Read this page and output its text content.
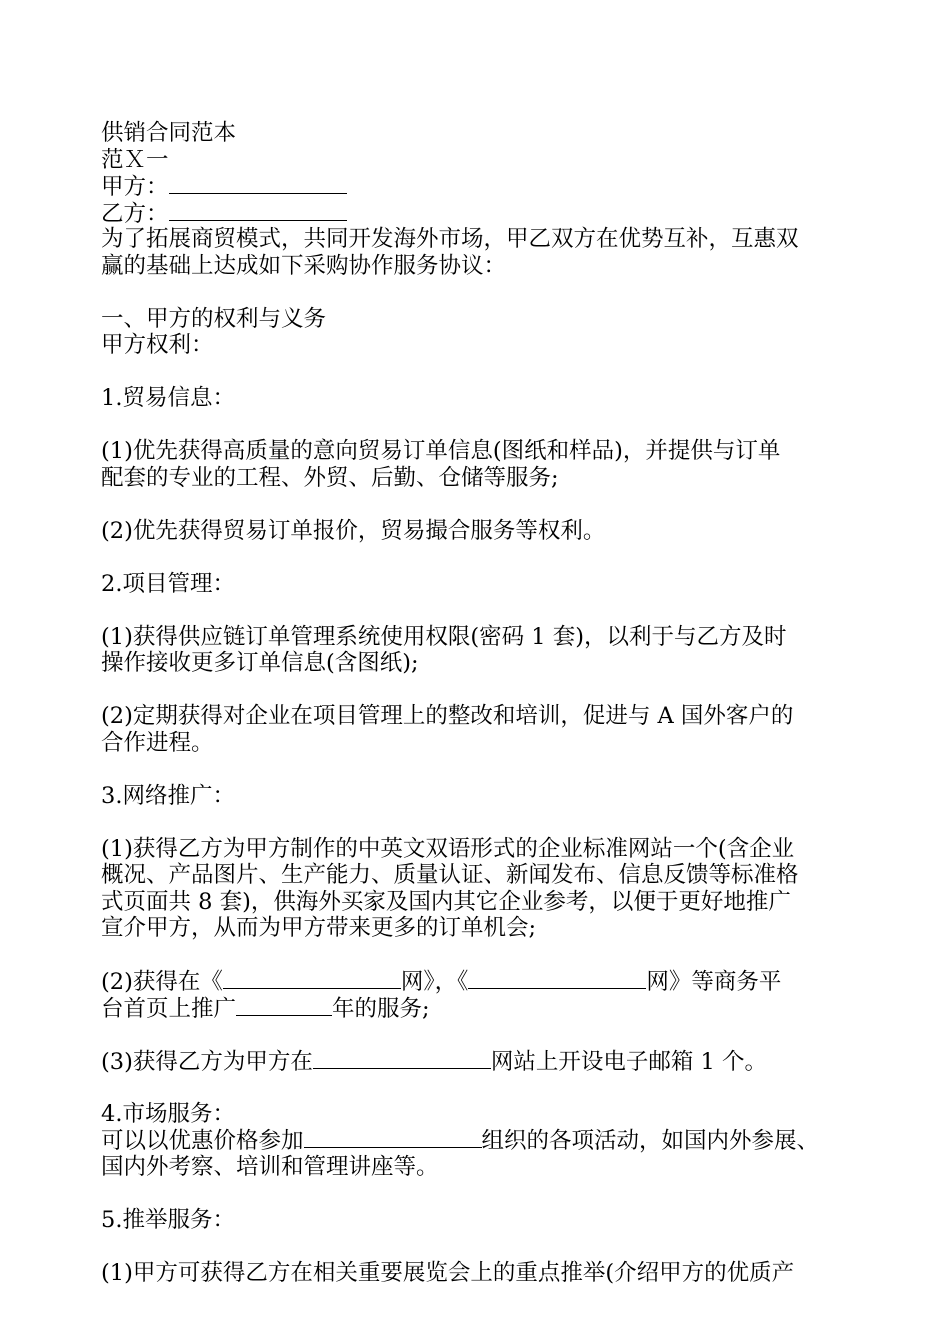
供销合同范本
范Ｘ一
甲方：
乙方：
为了拓展商贸模式，共同开发海外市场，甲乙双方在优势互补，互惠双
赢的基础上达成如下采购协作服务协议：
一、甲方的权利与义务
甲方权利：
1.贸易信息：
(1)优先获得高质量的意向贸易订单信息(图纸和样品)，并提供与订单
配套的专业的工程、外贸、后勤、仓储等服务;
(2)优先获得贸易订单报价，贸易撮合服务等权利。
2.项目管理：
(1)获得供应链订单管理系统使用权限(密码 1 套)，以利于与乙方及时
操作接收更多订单信息(含图纸);
(2)定期获得对企业在项目管理上的整改和培训，促进与 A 国外客户的
合作进程。
3.网络推广：
(1)获得乙方为甲方制作的中英文双语形式的企业标准网站一个(含企业
概况、产品图片、生产能力、质量认证、新闻发布、信息反馈等标准格
式页面共 8 套)，供海外买家及国内其它企业参考，以便于更好地推广
宣介甲方，从而为甲方带来更多的订单机会;
(2)获得在《	网》，《	网》等商务平
台首页上推广	年的服务;
(3)获得乙方为甲方在	网站上开设电子邮箱 1 个。
4.市场服务：
可以以优惠价格参加	组织的各项活动，如国内外参展、
国内外考察、培训和管理讲座等。
5.推举服务：
(1)甲方可获得乙方在相关重要展览会上的重点推举(介绍甲方的优质产
